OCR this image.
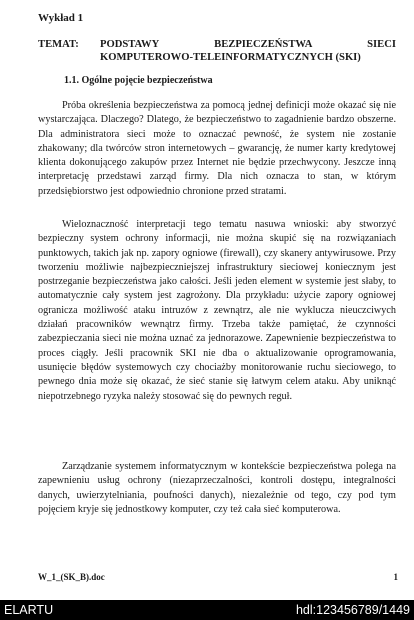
Wykład 1
TEMAT: PODSTAWY BEZPIECZEŃSTWA SIECI
KOMPUTEROWO-TELEINFORMATYCZNYCH (SKI)
1.1. Ogólne pojęcie bezpieczeństwa

Próba określenia bezpieczeństwa za pomocą jednej definicji może okazać się nie wystarczająca. Dlaczego? Dlatego, że bezpieczeństwo to zagadnienie bardzo obszerne. Dla administratora sieci może to oznaczać pewność, że system nie zostanie zhakowany; dla twórców stron internetowych – gwarancję, że numer karty kredytowej klienta dokonującego zakupów przez Internet nie będzie przechwycony. Jeszcze inną interpretację przedstawi zarząd firmy. Dla nich oznacza to stan, w którym przedsiębiorstwo jest odpowiednio chronione przed stratami.

Wieloznaczność interpretacji tego tematu nasuwa wnioski: aby stworzyć bezpieczny system ochrony informacji, nie można skupić się na rozwiązaniach punktowych, takich jak np. zapory ogniowe (firewall), czy skanery antywirusowe. Przy tworzeniu możliwie najbezpieczniejszej infrastruktury sieciowej koniecznym jest postrzeganie bezpieczeństwa jako całości. Jeśli jeden element w systemie jest słaby, to automatycznie cały system jest zagrożony. Dla przykładu: użycie zapory ogniowej ogranicza możliwość ataku intruzów z zewnątrz, ale nie wyklucza nieuczciwych działań pracowników wewnątrz firmy. Trzeba także pamiętać, że czynności zabezpieczania sieci nie można uznać za jednorazowe. Zapewnienie bezpieczeństwa to proces ciągły. Jeśli pracownik SKI nie dba o aktualizowanie oprogramowania, usunięcie błędów systemowych czy chociażby monitorowanie ruchu sieciowego, to pewnego dnia może się okazać, że sieć stanie się łatwym celem ataku. Aby uniknąć niepotrzebnego ryzyka należy stosować się do pewnych reguł.

Zarządzanie systemem informatycznym w kontekście bezpieczeństwa polega na zapewnieniu usług ochrony (niezaprzeczalności, kontroli dostępu, integralności danych, uwierzytelniania, poufności danych), niezależnie od tego, czy pod tym pojęciem kryje się jednostkowy komputer, czy też cała sieć komputerowa.

W_1_(SK_B).doc	1
ELARTU	hdl:123456789/1449
